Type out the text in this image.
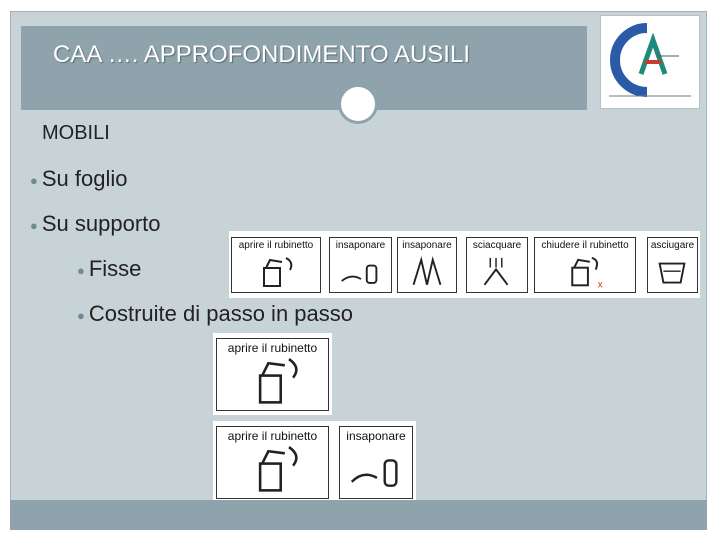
CAA …. APPROFONDIMENTO AUSILI
MOBILI
● Su foglio
● Su supporto
● Fisse
● Costruite di passo in passo
aprire il rubinetto	insaponare	insaponare	sciacquare	chiudere il rubinetto
x
asciugare
aprire il rubinetto
aprire il rubinetto	insaponare
